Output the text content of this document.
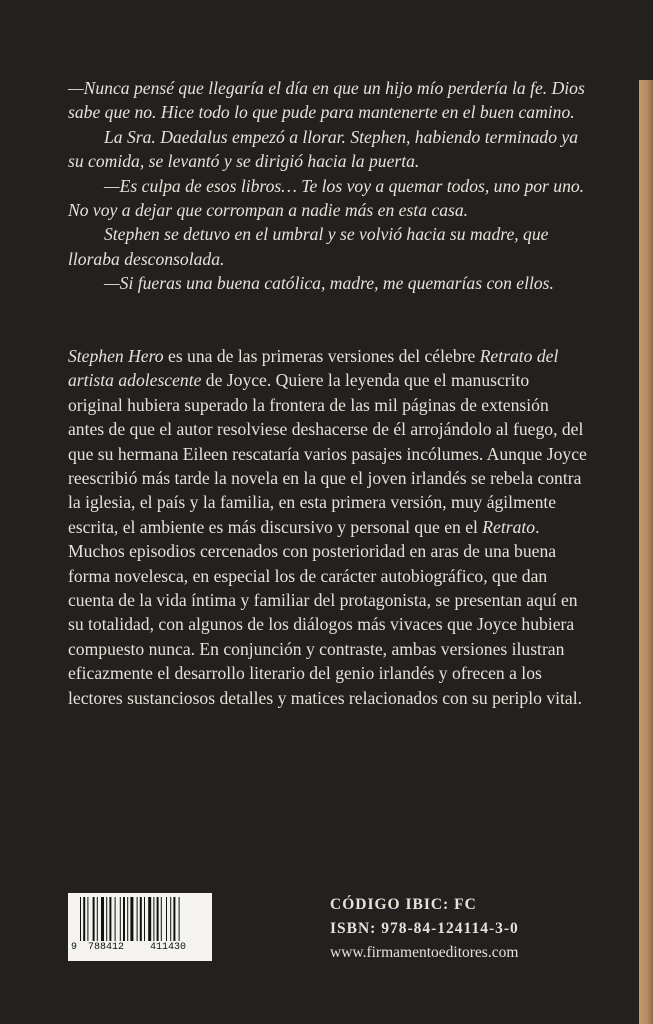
—Nunca pensé que llegaría el día en que un hijo mío perdería la fe. Dios sabe que no. Hice todo lo que pude para mantenerte en el buen camino.

La Sra. Daedalus empezó a llorar. Stephen, habiendo terminado ya su comida, se levantó y se dirigió hacia la puerta.

—Es culpa de esos libros… Te los voy a quemar todos, uno por uno. No voy a dejar que corrompan a nadie más en esta casa.

Stephen se detuvo en el umbral y se volvió hacia su madre, que lloraba desconsolada.

—Si fueras una buena católica, madre, me quemarías con ellos.

Stephen Hero es una de las primeras versiones del célebre Retrato del artista adolescente de Joyce. Quiere la leyenda que el manuscrito original hubiera superado la frontera de las mil páginas de extensión antes de que el autor resolviese deshacerse de él arrojándolo al fuego, del que su hermana Eileen rescataría varios pasajes incólumes. Aunque Joyce reescribió más tarde la novela en la que el joven irlandés se rebela contra la iglesia, el país y la familia, en esta primera versión, muy ágilmente escrita, el ambiente es más discursivo y personal que en el Retrato. Muchos episodios cercenados con posterioridad en aras de una buena forma novelesca, en especial los de carácter autobiográfico, que dan cuenta de la vida íntima y familiar del protagonista, se presentan aquí en su totalidad, con algunos de los diálogos más vivaces que Joyce hubiera compuesto nunca. En conjunción y contraste, ambas versiones ilustran eficazmente el desarrollo literario del genio irlandés y ofrecen a los lectores sustanciosos detalles y matices relacionados con su periplo vital.

9 788412	411430
CÓDIGO IBIC: FC
ISBN: 978-84-124114-3-0
www.firmamentoeditores.com
